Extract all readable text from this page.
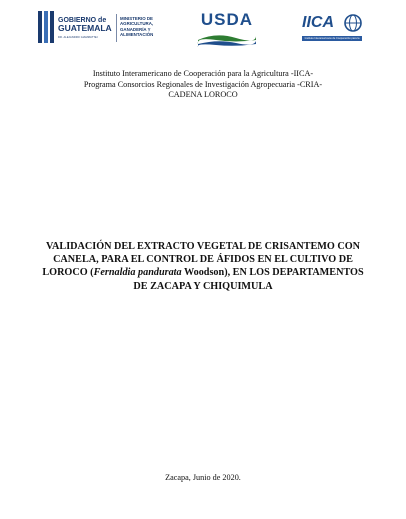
GOBIERNO de
GUATEMALA
DR. ALEJANDRO GIAMMATTEI
MINISTERIO DE
AGRICULTURA,
GANADERÍA Y
ALIMENTACIÓN
USDA	IICA
Instituto Interamericano de Cooperación para la Agricultura
Instituto Interamericano de Cooperación para la Agricultura -IICA-
Programa Consorcios Regionales de Investigación Agropecuaria -CRIA-
CADENA LOROCO
VALIDACIÓN DEL EXTRACTO VEGETAL DE CRISANTEMO CON CANELA, PARA EL CONTROL DE ÁFIDOS EN EL CULTIVO DE LOROCO (Fernaldia pandurata Woodson), EN LOS DEPARTAMENTOS DE ZACAPA Y CHIQUIMULA
Zacapa, Junio de 2020.
